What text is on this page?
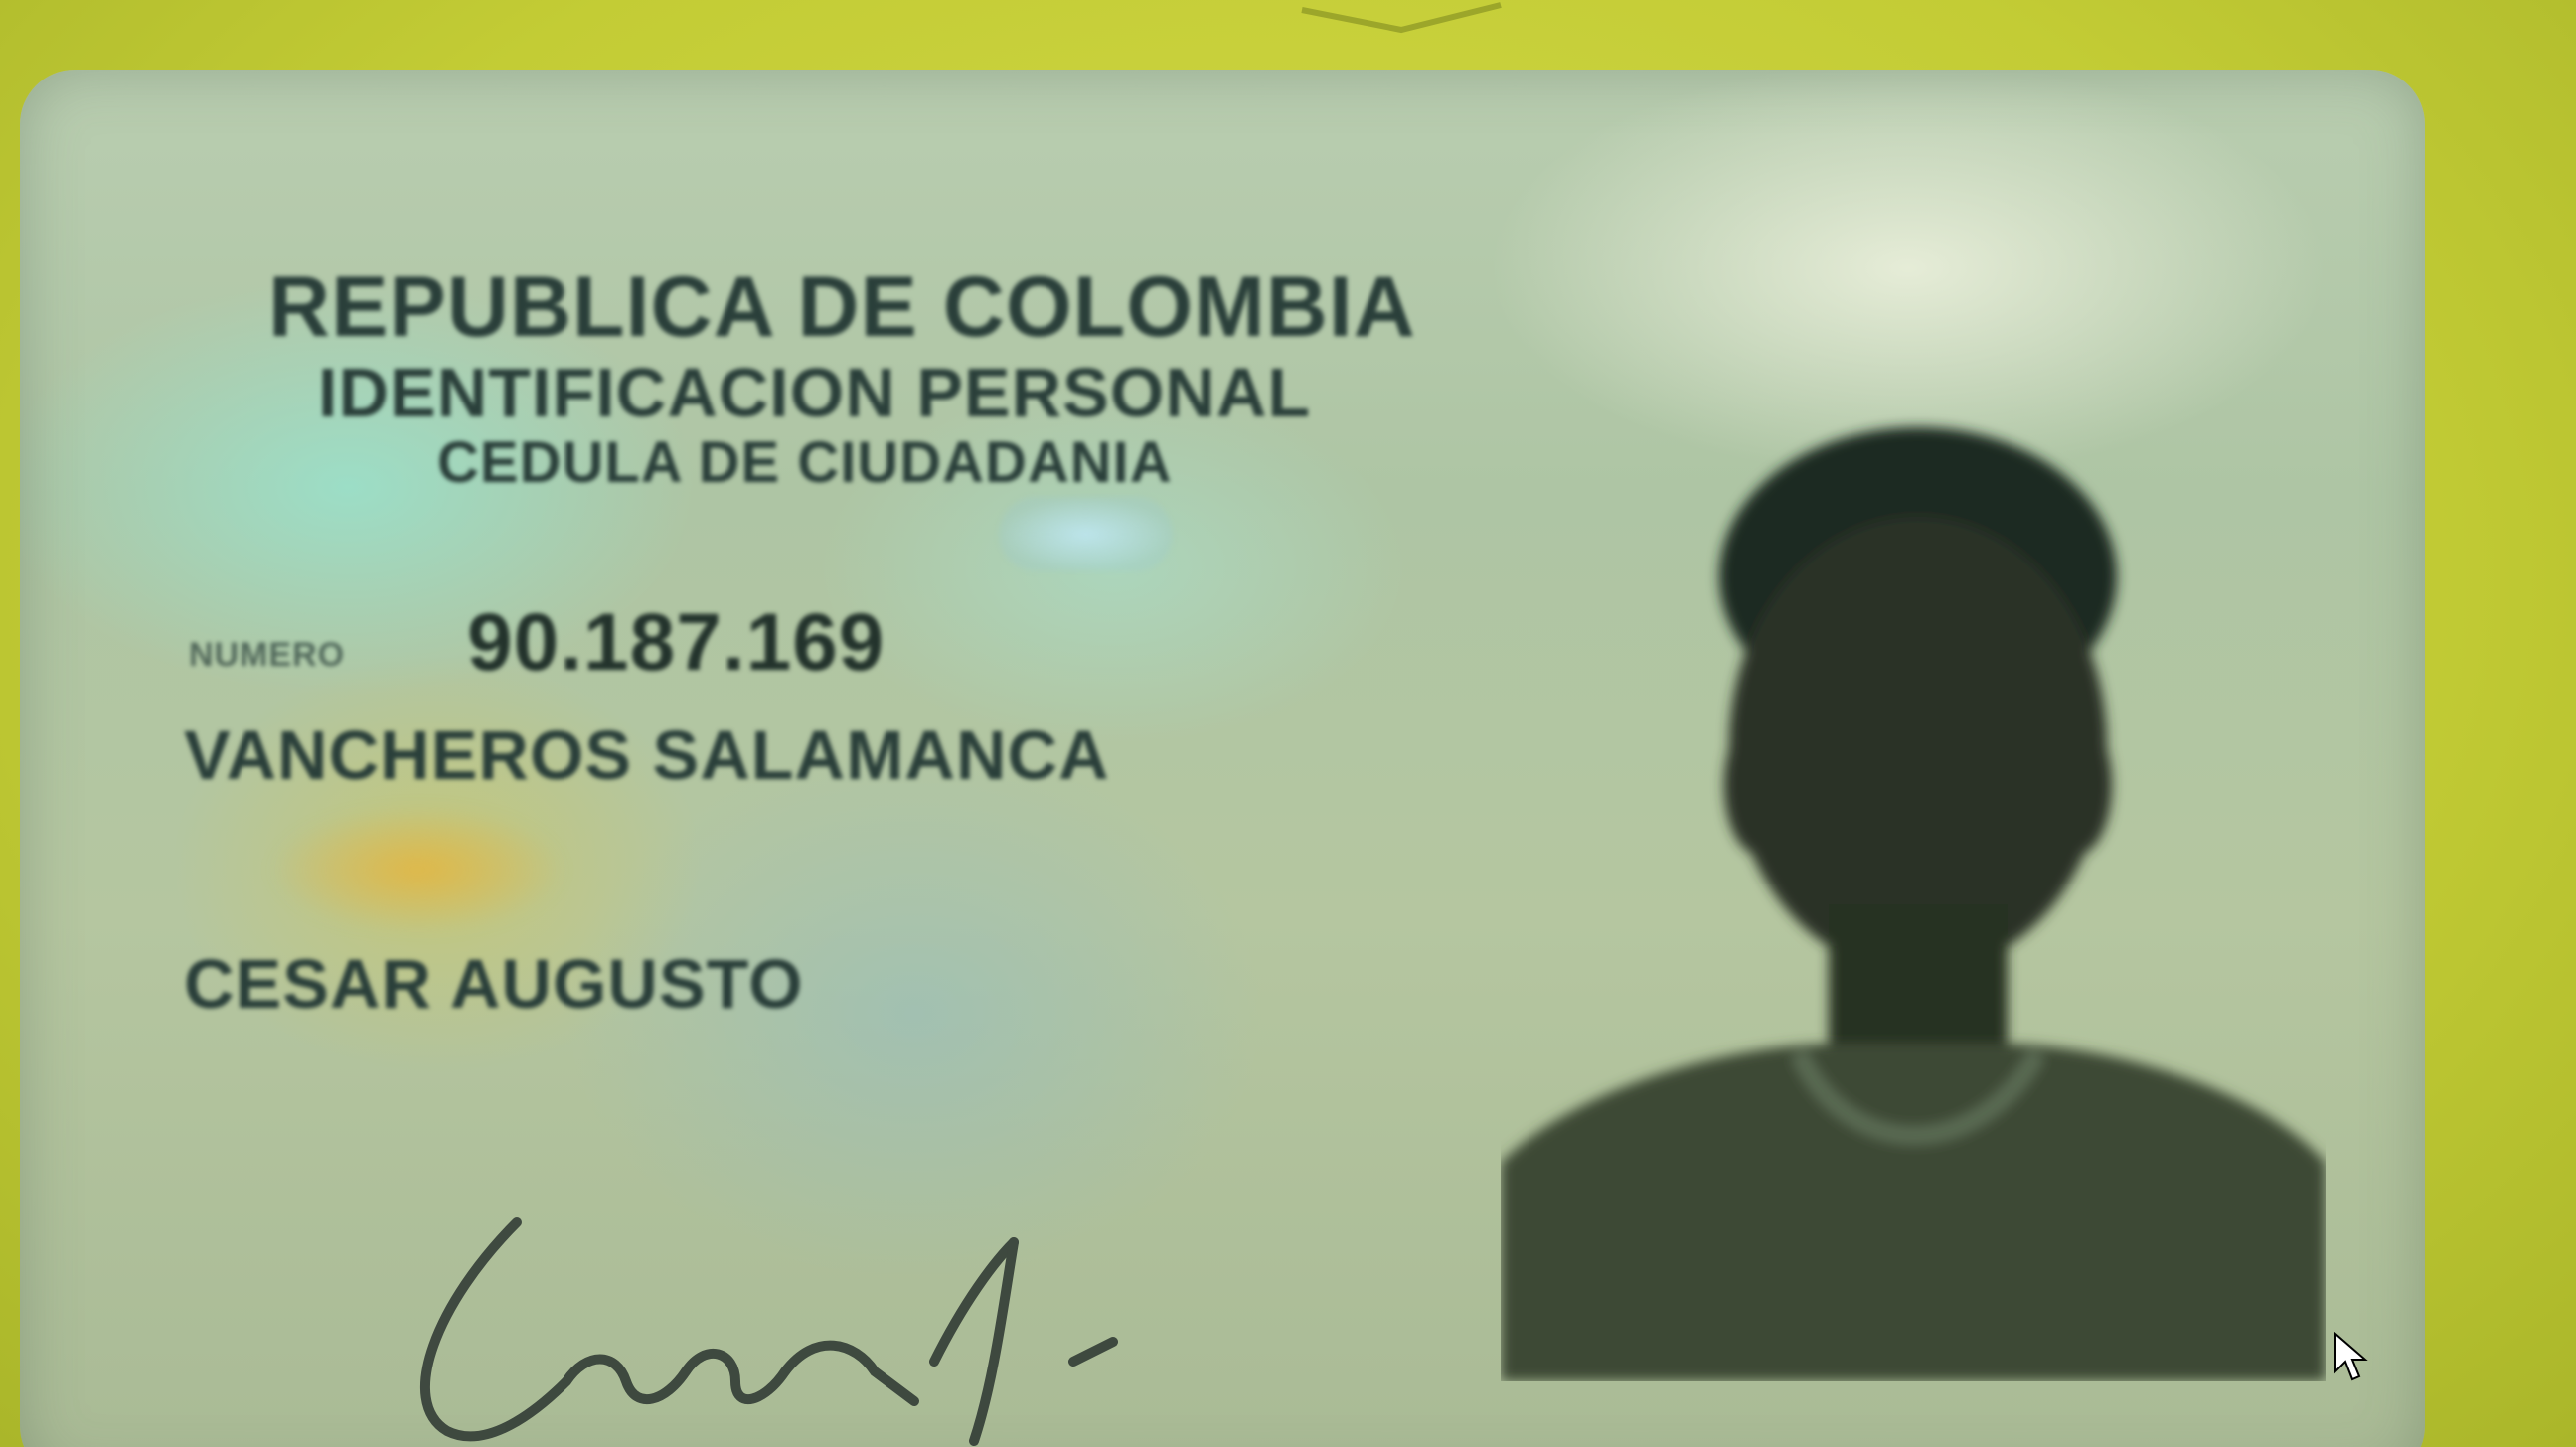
REPUBLICA DE COLOMBIA
IDENTIFICACION PERSONAL
CEDULA DE CIUDADANIA
NUMERO 90.187.169
VANCHEROS SALAMANCA
CESAR AUGUSTO
